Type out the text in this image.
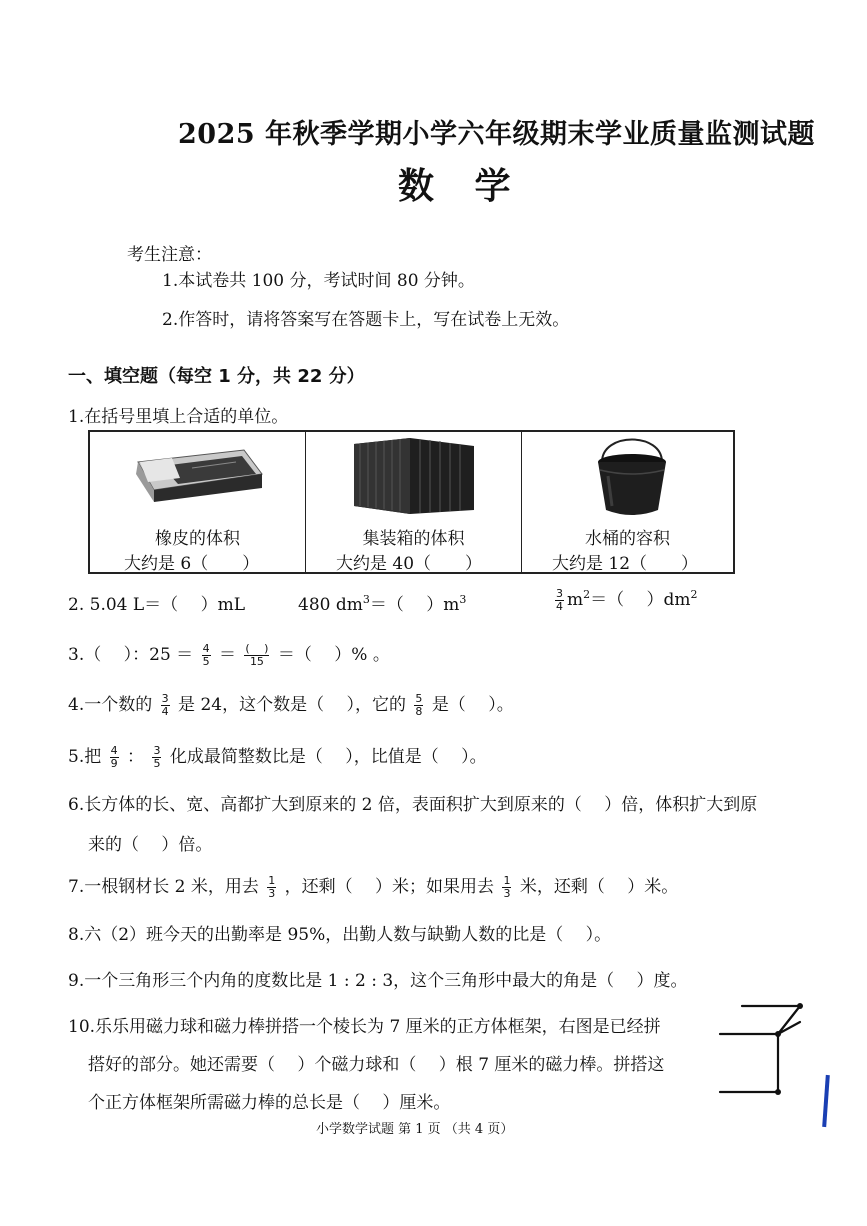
2025 年秋季学期小学六年级期末学业质量监测试题
数 学
考生注意：
1.本试卷共 100 分，考试时间 80 分钟。
2.作答时，请将答案写在答题卡上，写在试卷上无效。
一、填空题（每空 1 分，共 22 分）
1.在括号里填上合适的单位。
橡皮的体积
大约是 6（　　）
集装箱的体积
大约是 40（　　）
水桶的容积
大约是 12（　　）
2. 5.04 L＝（　 ）mL	480 $dm^3=$（　 ）$m^3$	$\frac{3}{4} m^2=$（　 ）$dm^2$
3.（　 ）：$25 = \frac{4}{5} = \frac{( )}{15}$ ＝（　 ）% 。
4.一个数的 $\frac{3}{4}$ 是 24，这个数是（　 ），它的 $\frac{5}{8}$ 是（　 ）。
5.把 $\frac{4}{9}$ ： $\frac{3}{5}$ 化成最简整数比是（　 ），比值是（　 ）。
6.长方体的长、宽、高都扩大到原来的 2 倍，表面积扩大到原来的（　 ）倍，体积扩大到原
来的（　 ）倍。
7.一根钢材长 2 米，用去 $\frac{1}{3}$ ，还剩（　 ）米；如果用去 $\frac{1}{3}$ 米，还剩（　 ）米。
8.六（2）班今天的出勤率是 95%，出勤人数与缺勤人数的比是（　 ）。
9.一个三角形三个内角的度数比是 1 : 2 : 3，这个三角形中最大的角是（　 ）度。
10.乐乐用磁力球和磁力棒拼搭一个棱长为 7 厘米的正方体框架，右图是已经拼
搭好的部分。她还需要（　 ）个磁力球和（　 ）根 7 厘米的磁力棒。拼搭这
个正方体框架所需磁力棒的总长是（　 ）厘米。
小学数学试题 第 1 页 （共 4 页）
